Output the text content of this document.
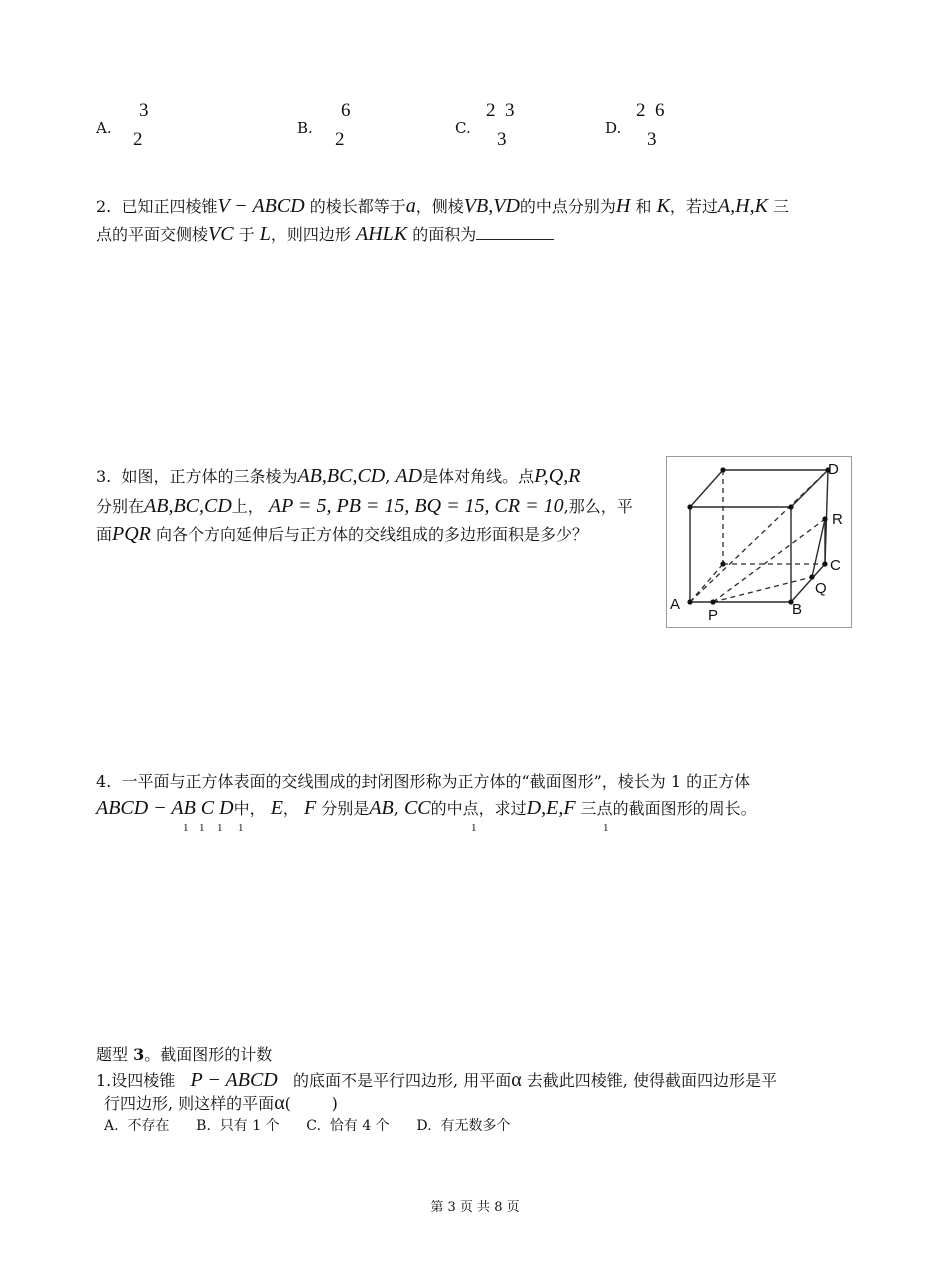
A.
3
2
B.
6
2
C.
2  3
3
D.
2  6
3
2. 已知正四棱锥V − ABCD 的棱长都等于a，侧棱VB,VD的中点分别为H 和 K，若过A,H,K 三
点的平面交侧棱VC 于 L，则四边形 AHLK 的面积为
3. 如图，正方体的三条棱为AB,BC,CD, AD是体对角线。点P,Q,R
分别在AB,BC,CD上， AP = 5, PB = 15, BQ = 15, CR = 10,那么，平
面PQR 向各个方向延伸后与正方体的交线组成的多边形面积是多少？
A
P	B
Q
C
R
D
4. 一平面与正方体表面的交线围成的封闭图形称为正方体的“截面图形”，棱长为 1 的正方体
ABCD − AB C D中， E， F 分别是AB, CC的中点，求过D,E,F 三点的截面图形的周长。
1 1 1 1	1	1
题型 3。截面图形的计数
1.设四棱锥 P − ABCD 的底面不是平行四边形, 用平面α 去截此四棱锥, 使得截面四边形是平
行四边形, 则这样的平面α(        )
A.  不存在      B.  只有 1 个      C.  恰有 4 个      D.  有无数多个
第 3 页 共 8 页
